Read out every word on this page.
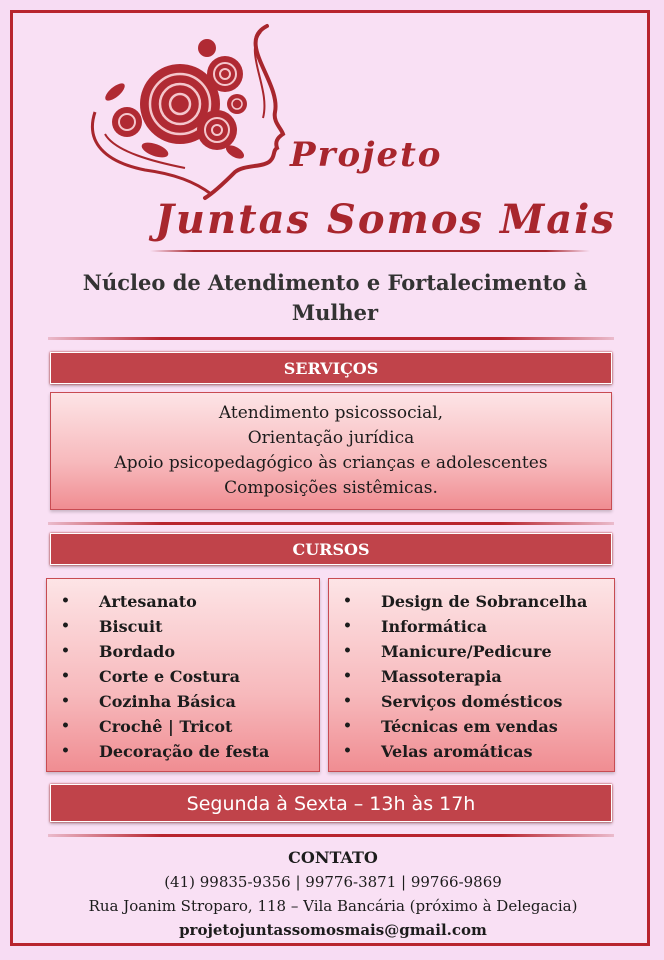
Projeto
Juntas Somos Mais
Núcleo de Atendimento e Fortalecimento à Mulher
SERVIÇOS
Atendimento psicossocial,
Orientação jurídica
Apoio psicopedagógico às crianças e adolescentes
Composições sistêmicas.
CURSOS
• Artesanato
• Biscuit
• Bordado
• Corte e Costura
• Cozinha Básica
• Crochê | Tricot
• Decoração de festa
• Design de Sobrancelha
• Informática
• Manicure/Pedicure
• Massoterapia
• Serviços domésticos
• Técnicas em vendas
• Velas aromáticas
Segunda à Sexta – 13h às 17h
CONTATO
(41) 99835-9356 | 99776-3871 | 99766-9869
Rua Joanim Stroparo, 118 – Vila Bancária (próximo à Delegacia)
projetojuntassomosmais@gmail.com
